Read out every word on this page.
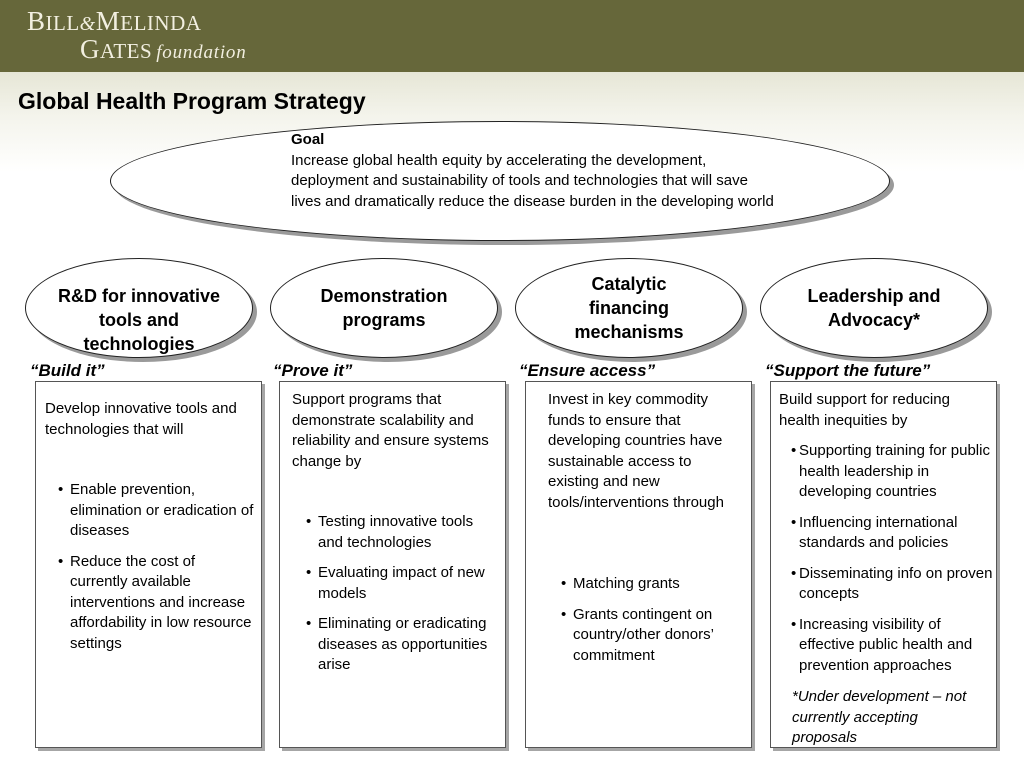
BILL&MELINDA
GATES foundation
Global Health Program Strategy
Goal
Increase global health equity by accelerating the development, deployment and sustainability of tools and technologies that will save lives and dramatically reduce the disease burden in the developing world
R&D for innovative tools and technologies
Demonstration programs
Catalytic financing mechanisms
Leadership and Advocacy*
“Build it”	“Prove it”	“Ensure access”	“Support the future”
Develop innovative tools and technologies that will
• Enable prevention, elimination or eradication of diseases
• Reduce the cost of currently available interventions and increase affordability in low resource settings
Support programs that demonstrate scalability and reliability and ensure systems change by
• Testing innovative tools and technologies
• Evaluating impact of new models
• Eliminating or eradicating diseases as opportunities arise
Invest in key commodity funds to ensure that developing countries have sustainable access to existing and new tools/interventions through
• Matching grants
• Grants contingent on country/other donors’ commitment
Build support for reducing health inequities by
• Supporting training for public health leadership in developing countries
• Influencing international standards and policies
• Disseminating info on proven concepts
• Increasing visibility of effective public health and prevention approaches
*Under development – not currently accepting proposals
